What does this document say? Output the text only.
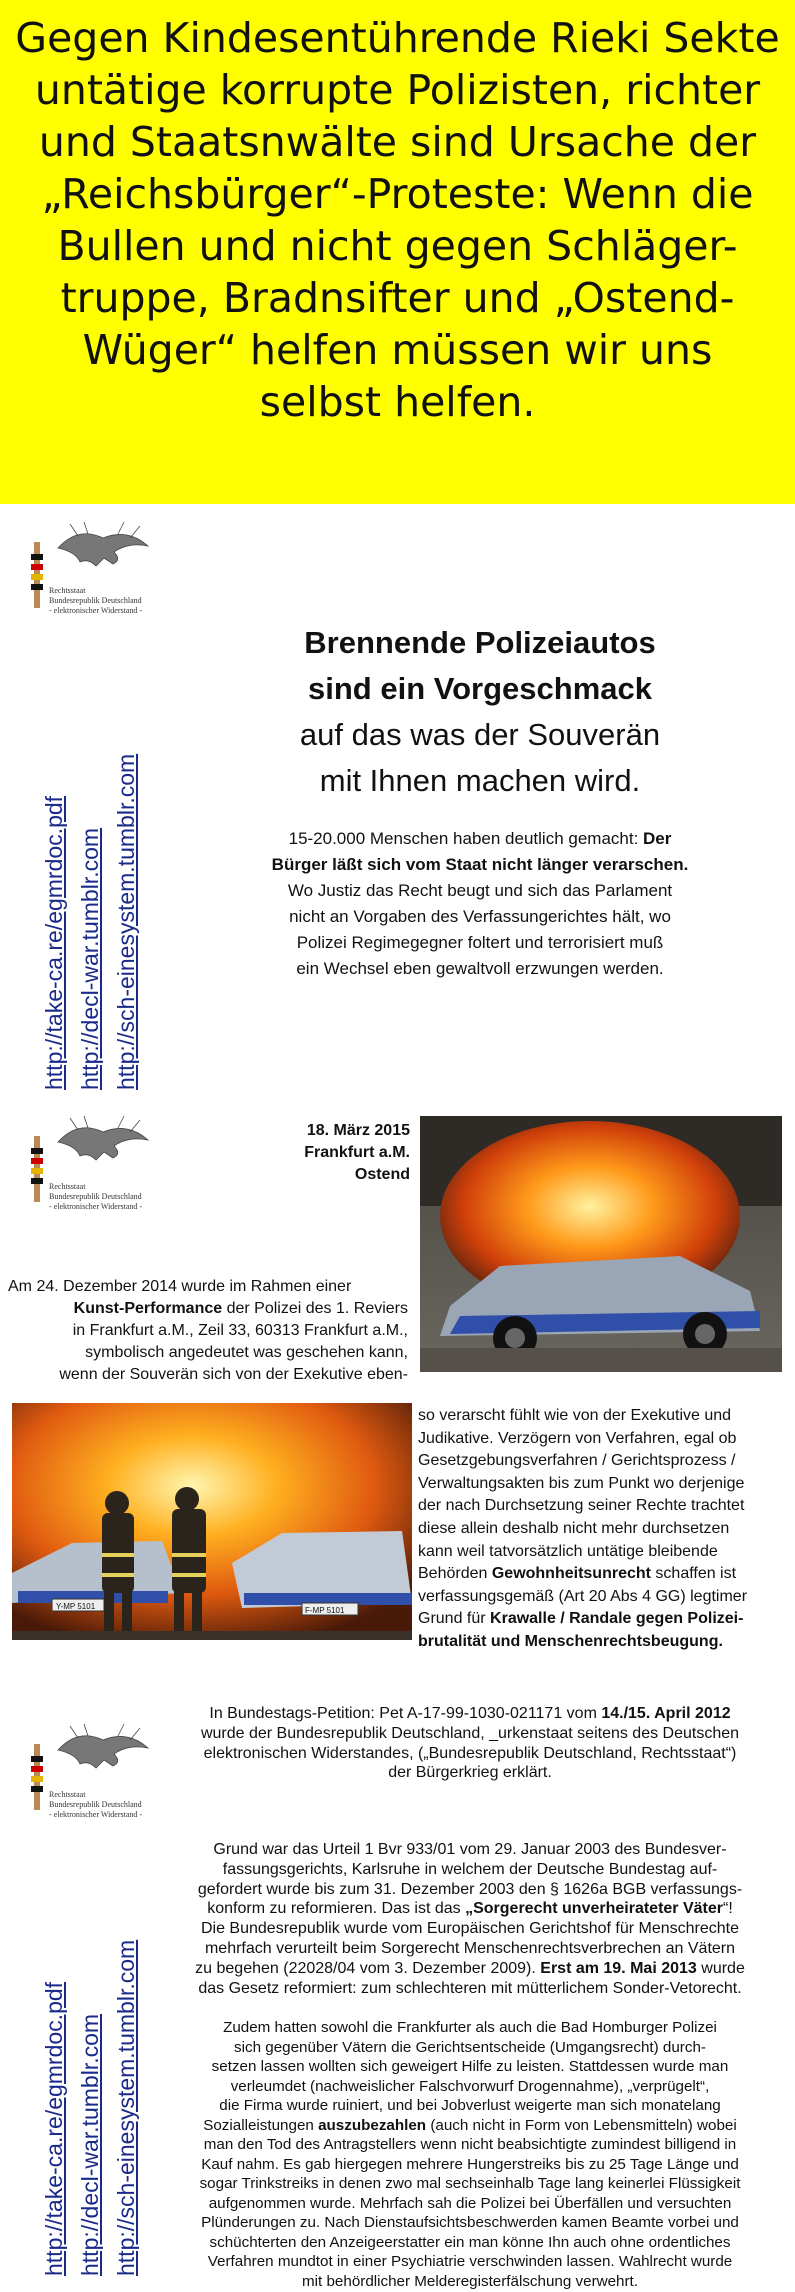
Gegen Kindesentührende Rieki Sekte
untätige korrupte Polizisten, richter
und Staatsnwälte sind Ursache der
„Reichsbürger“-Proteste: Wenn die
Bullen und nicht gegen Schläger-
truppe, Bradnsifter und „Ostend-
Wüger“ helfen müssen wir uns
selbst helfen.
Rechtsstaat
Bundesrepublik Deutschland
- elektronischer Widerstand -
http://take-ca.re/egmrdoc.pdf http://decl-war.tumblr.com http://sch-einesystem.tumblr.com
Brennende Polizeiautos
sind ein Vorgeschmack
auf das was der Souverän
mit Ihnen machen wird.
15-20.000 Menschen haben deutlich gemacht: Der
Bürger läßt sich vom Staat nicht länger verarschen.
Wo Justiz das Recht beugt und sich das Parlament
nicht an Vorgaben des Verfassungerichtes hält, wo
Polizei Regimegegner foltert und terrorisiert muß
ein Wechsel eben gewaltvoll erzwungen werden.
Rechtsstaat
Bundesrepublik Deutschland
- elektronischer Widerstand -
18. März 2015
Frankfurt a.M.
Ostend
Am 24. Dezember 2014 wurde im Rahmen einer
Kunst-Performance der Polizei des 1. Reviers
in Frankfurt a.M., Zeil 33, 60313 Frankfurt a.M.,
symbolisch angedeutet was geschehen kann,
wenn der Souverän sich von der Exekutive eben-
Y-MP 5101	F-MP 5101
so verarscht fühlt wie von der Exekutive und
Judikative. Verzögern von Verfahren, egal ob
Gesetzgebungsverfahren / Gerichtsprozess /
Verwaltungsakten bis zum Punkt wo derjenige
der nach Durchsetzung seiner Rechte trachtet
diese allein deshalb nicht mehr durchsetzen
kann weil tatvorsätzlich untätige bleibende
Behörden Gewohnheitsunrecht schaffen ist
verfassungsgemäß (Art 20 Abs 4 GG) legtimer
Grund für Krawalle / Randale gegen Polizei-
brutalität und Menschenrechtsbeugung.
Rechtsstaat
Bundesrepublik Deutschland
- elektronischer Widerstand -
http://take-ca.re/egmrdoc.pdf http://decl-war.tumblr.com http://sch-einesystem.tumblr.com
In Bundestags-Petition: Pet A-17-99-1030-021171 vom 14./15. April 2012
wurde der Bundesrepublik Deutschland, _urkenstaat seitens des Deutschen
elektronischen Widerstandes, („Bundesrepublik Deutschland, Rechtsstaat“)
der Bürgerkrieg erklärt.
Grund war das Urteil 1 Bvr 933/01 vom 29. Januar 2003 des Bundesver-
fassungsgerichts, Karlsruhe in welchem der Deutsche Bundestag auf-
gefordert wurde bis zum 31. Dezember 2003 den § 1626a BGB verfassungs-
konform zu reformieren. Das ist das „Sorgerecht unverheirateter Väter“!
Die Bundesrepublik wurde vom Europäischen Gerichtshof für Menschrechte
mehrfach verurteilt beim Sorgerecht Menschenrechtsverbrechen an Vätern
zu begehen (22028/04 vom 3. Dezember 2009). Erst am 19. Mai 2013 wurde
das Gesetz reformiert: zum schlechteren mit mütterlichem Sonder-Vetorecht.
Zudem hatten sowohl die Frankfurter als auch die Bad Homburger Polizei
sich gegenüber Vätern die Gerichtsentscheide (Umgangsrecht) durch-
setzen lassen wollten sich geweigert Hilfe zu leisten. Stattdessen wurde man
verleumdet (nachweislicher Falschvorwurf Drogennahme), „verprügelt“,
die Firma wurde ruiniert, und bei Jobverlust weigerte man sich monatelang
Sozialleistungen auszubezahlen (auch nicht in Form von Lebensmitteln) wobei
man den Tod des Antragstellers wenn nicht beabsichtigte zumindest billigend in
Kauf nahm. Es gab hiergegen mehrere Hungerstreiks bis zu 25 Tage Länge und
sogar Trinkstreiks in denen zwo mal sechseinhalb Tage lang keinerlei Flüssigkeit
aufgenommen wurde. Mehrfach sah die Polizei bei Überfällen und versuchten
Plünderungen zu. Nach Dienstaufsichtsbeschwerden kamen Beamte vorbei und
schüchterten den Anzeigeerstatter ein man könne Ihn auch ohne ordentliches
Verfahren mundtot in einer Psychiatrie verschwinden lassen. Wahlrecht wurde
mit behördlicher Melderegisterfälschung verwehrt.
